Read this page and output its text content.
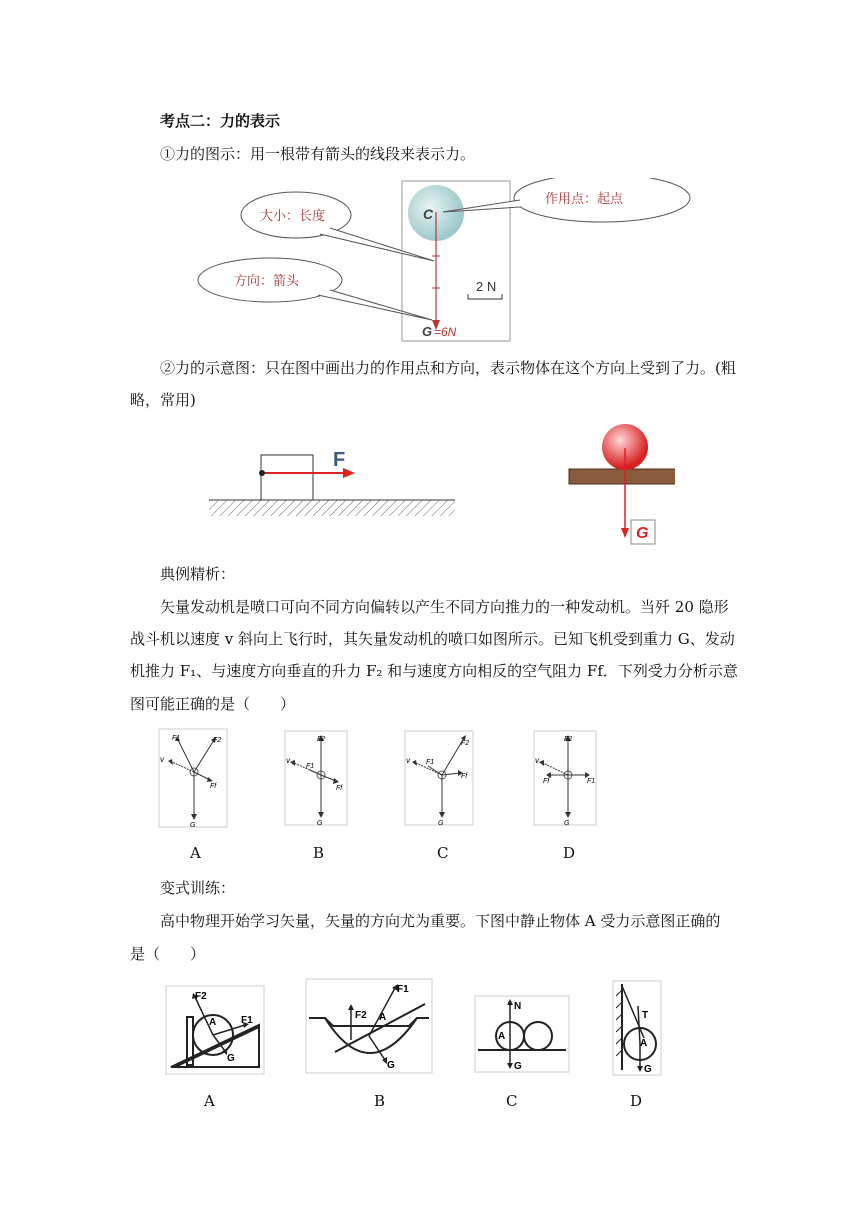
考点二：力的表示
①力的图示：用一根带有箭头的线段来表示力。
C
G =6N
2 N
大小：长度
方向：箭头
作用点：起点
②力的示意图：只在图中画出力的作用点和方向，表示物体在这个方向上受到了力。(粗
略，常用)
F
G
典例精析：
矢量发动机是喷口可向不同方向偏转以产生不同方向推力的一种发动机。当歼 20 隐形
战斗机以速度 v 斜向上飞行时，其矢量发动机的喷口如图所示。已知飞机受到重力 G、发动
机推力 F₁、与速度方向垂直的升力 F₂ 和与速度方向相反的空气阻力 Ff．下列受力分析示意
图可能正确的是（　　）
v
F1	F2
Ff
G
v
F1
F2
Ff
G
v F1
F2
Ff
G
v
Ff	F1
F2
G
A	B	C	D
变式训练：
高中物理开始学习矢量，矢量的方向尤为重要。下图中静止物体 A 受力示意图正确的
是（　　）
F2
F1
A
G
F1
F2 A
G
N
A
G
T
A
G
A	B	C	D
